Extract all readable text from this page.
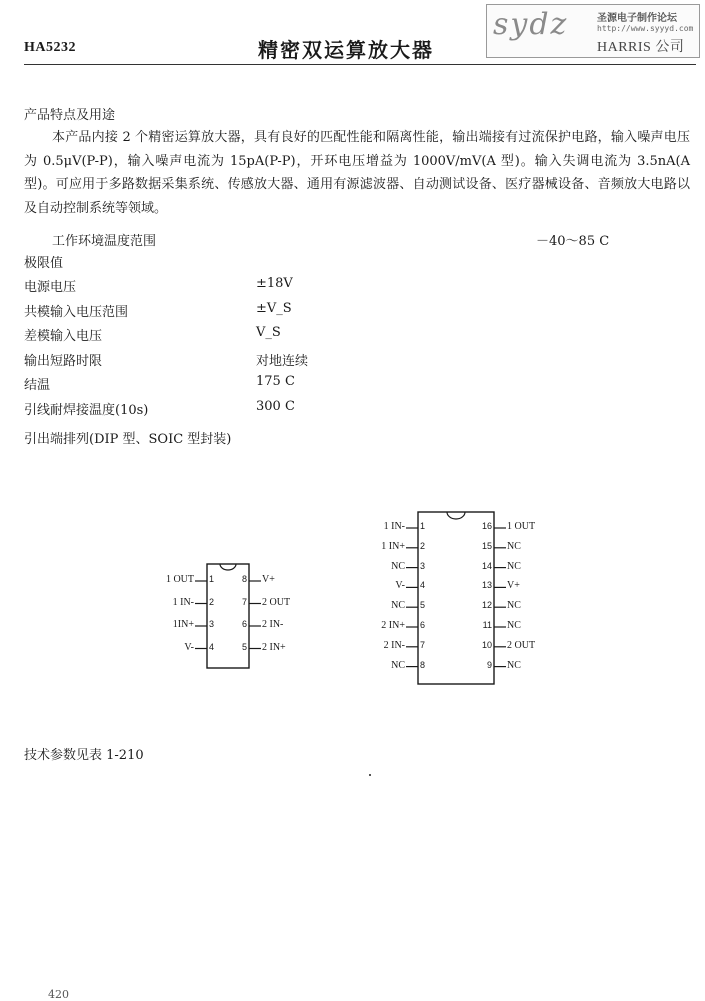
HA5232	精密双运算放大器
sydz	圣源电子制作论坛
http://www.syyyd.com
HARRIS 公司
产品特点及用途
本产品内接 2 个精密运算放大器，具有良好的匹配性能和隔离性能，输出端接有过流保护电路，输入噪声电压为 0.5μV(P-P)，输入噪声电流为 15pA(P-P)，开环电压增益为 1000V/mV(A 型)。输入失调电流为 3.5nA(A 型)。可应用于多路数据采集系统、传感放大器、通用有源滤波器、自动测试设备、医疗器械设备、音频放大电路以及自动控制系统等领域。
工作环境温度范围	－40～85 C
极限值
电源电压	±18V
共模输入电压范围	±V_S
差模输入电压	V_S
输出短路时限	对地连续
结温	175 C
引线耐焊接温度(10s)	300 C
引出端排列(DIP 型、SOIC 型封装)
1 OUT 1
1 IN- 2
1IN+ 3
V- 4
V+
8
2 OUT
7
2 IN-
6
2 IN+
5
1 IN- 1
1 IN+ 2
NC 3
V- 4
NC 5
2 IN+ 6
2 IN- 7
NC 8
1 OUT
16
NC
15
NC
14
V+
13
NC
12
NC
11
2 OUT
10
NC
9
技术参数见表 1-210
420
